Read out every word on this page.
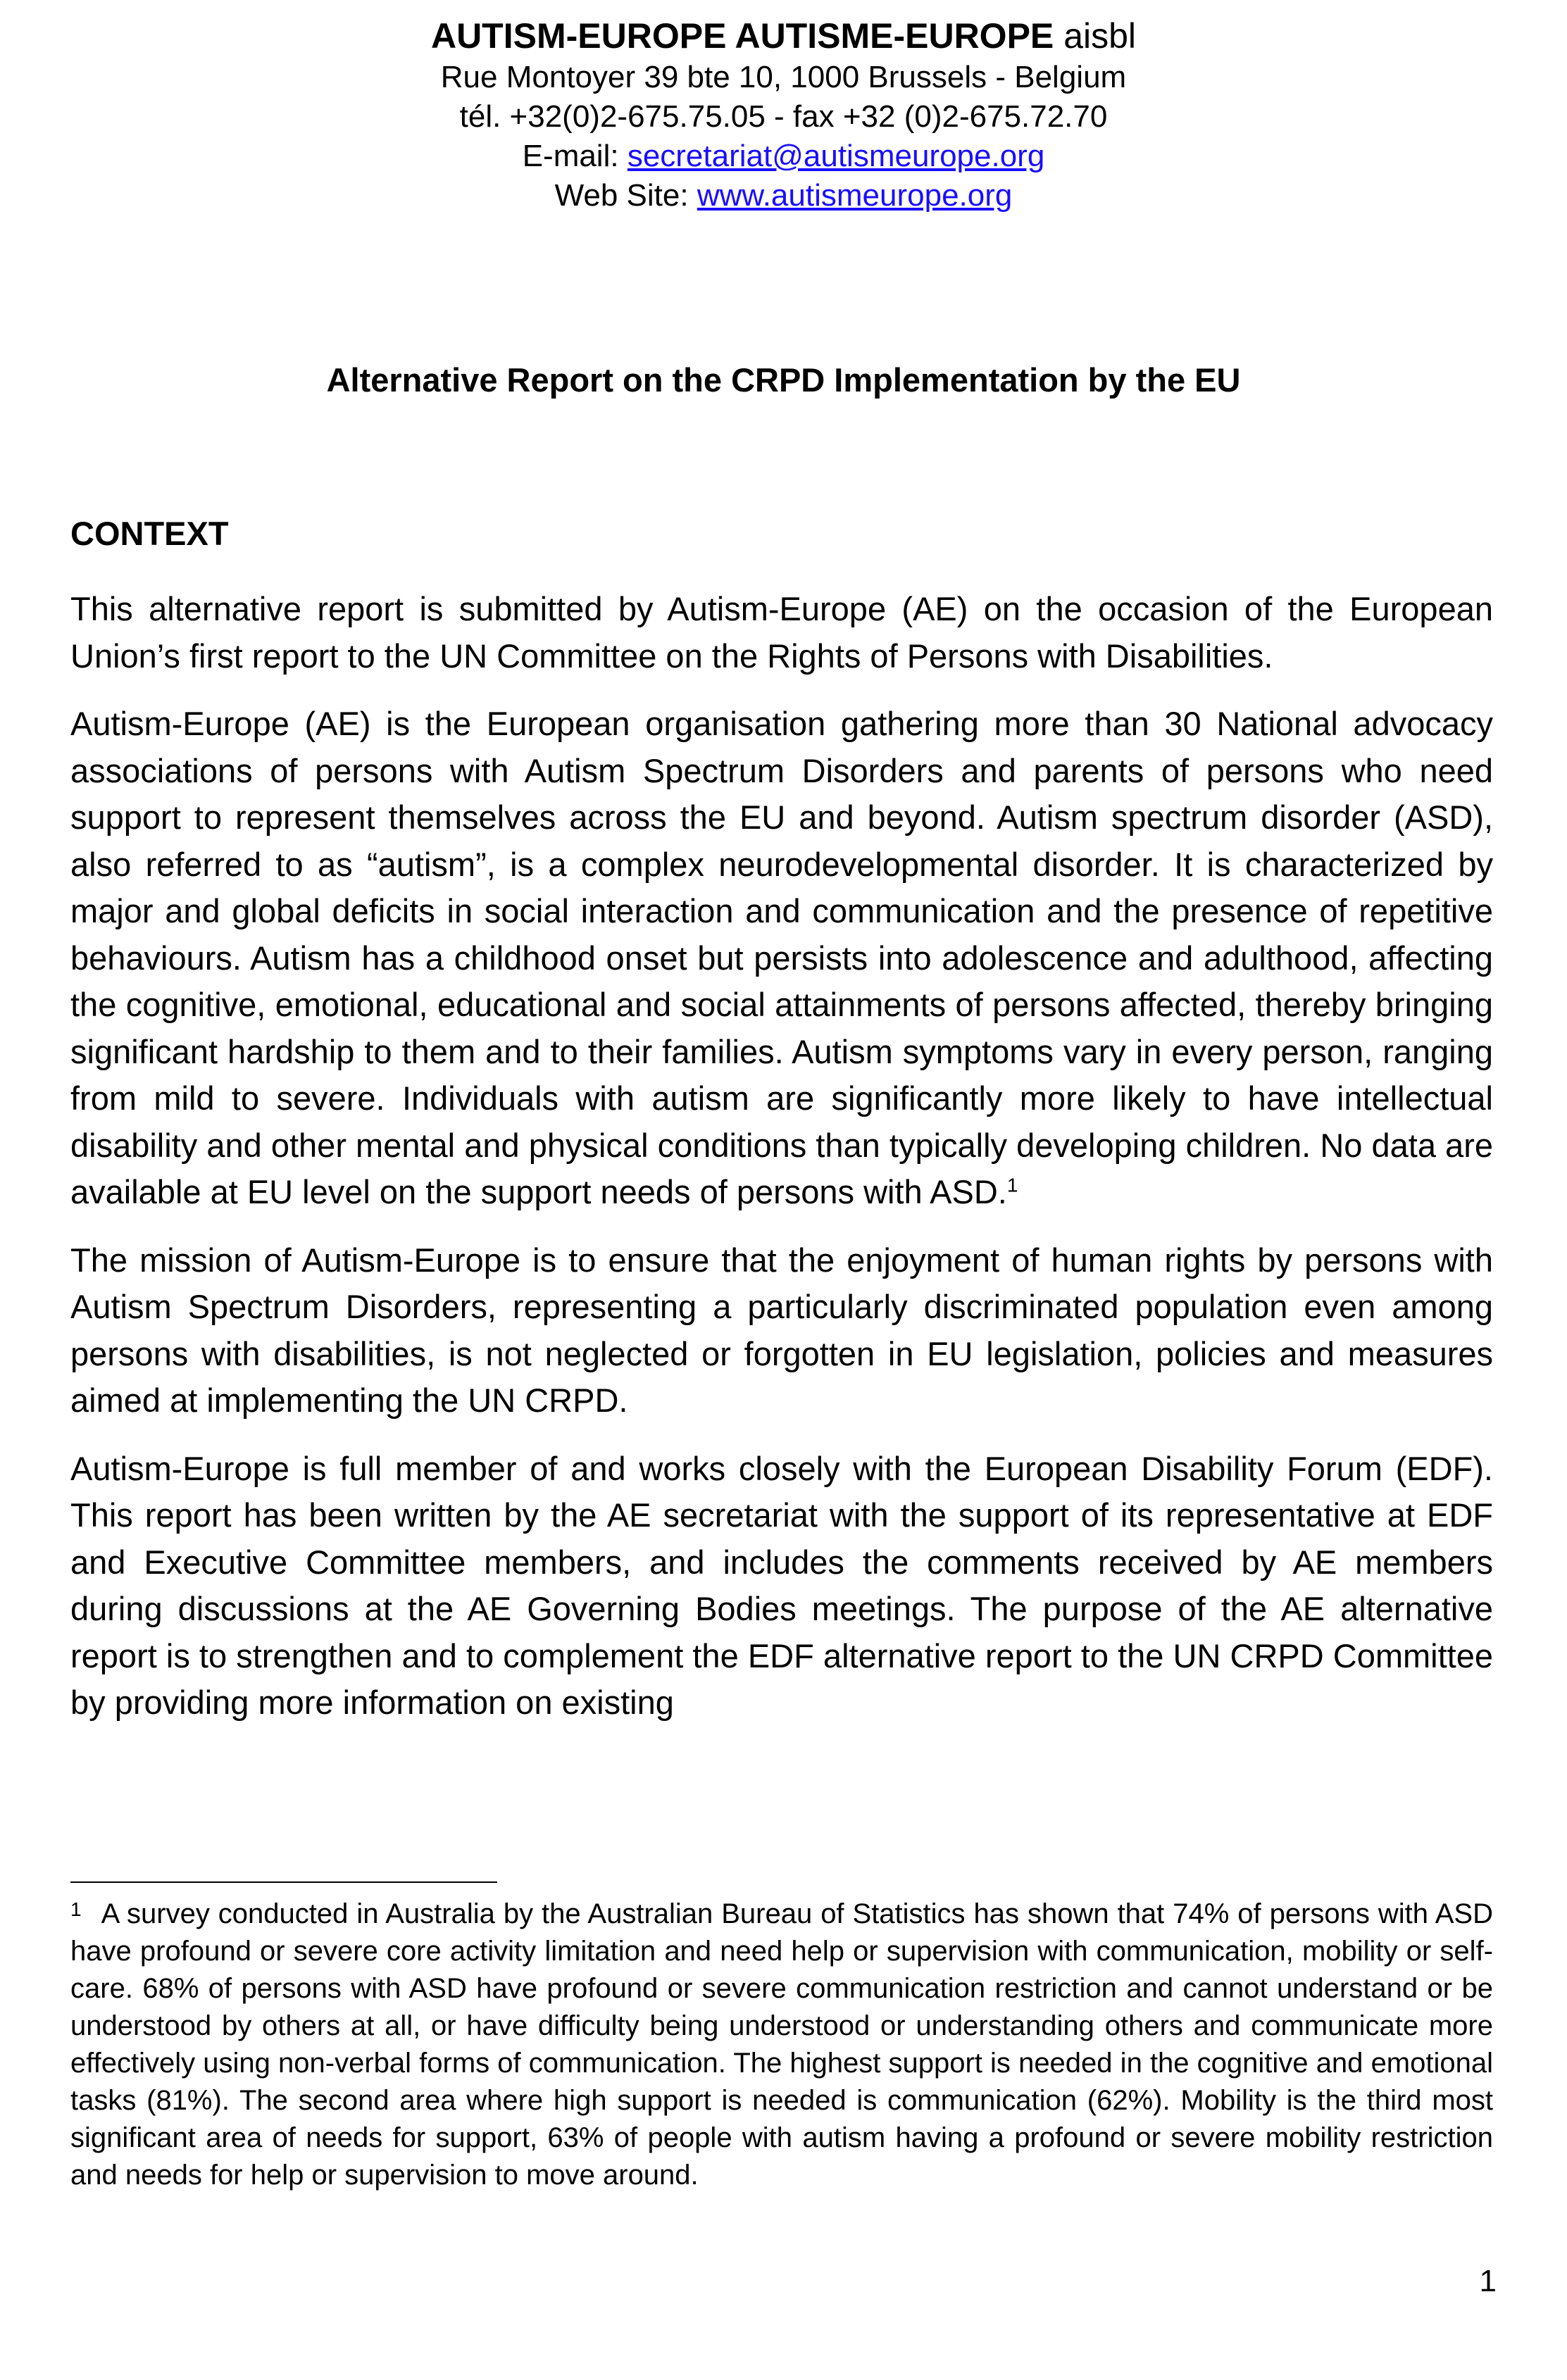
AUTISM-EUROPE AUTISME-EUROPE aisbl

Rue Montoyer 39 bte 10, 1000 Brussels - Belgium

tél. +32(0)2-675.75.05 - fax +32 (0)2-675.72.70

E-mail: secretariat@autismeurope.org

Web Site: www.autismeurope.org

Alternative Report on the CRPD Implementation by the EU
CONTEXT

This alternative report is submitted by Autism-Europe (AE) on the occasion of the European Union’s first report to the UN Committee on the Rights of Persons with Disabilities.

Autism-Europe (AE) is the European organisation gathering more than 30 National advocacy associations of persons with Autism Spectrum Disorders and parents of persons who need support to represent themselves across the EU and beyond. Autism spectrum disorder (ASD), also referred to as “autism”, is a complex neurodevelopmental disorder. It is characterized by major and global deficits in social interaction and communication and the presence of repetitive behaviours. Autism has a childhood onset but persists into adolescence and adulthood, affecting the cognitive, emotional, educational and social attainments of persons affected, thereby bringing significant hardship to them and to their families. Autism symptoms vary in every person, ranging from mild to severe. Individuals with autism are significantly more likely to have intellectual disability and other mental and physical conditions than typically developing children. No data are available at EU level on the support needs of persons with ASD.$^1$

The mission of Autism-Europe is to ensure that the enjoyment of human rights by persons with Autism Spectrum Disorders, representing a particularly discriminated population even among persons with disabilities, is not neglected or forgotten in EU legislation, policies and measures aimed at implementing the UN CRPD.

Autism-Europe is full member of and works closely with the European Disability Forum (EDF). This report has been written by the AE secretariat with the support of its representative at EDF and Executive Committee members, and includes the comments received by AE members during discussions at the AE Governing Bodies meetings. The purpose of the AE alternative report is to strengthen and to complement the EDF alternative report to the UN CRPD Committee by providing more information on existing

$^1$ A survey conducted in Australia by the Australian Bureau of Statistics has shown that 74% of persons with ASD have profound or severe core activity limitation and need help or supervision with communication, mobility or self-care. 68% of persons with ASD have profound or severe communication restriction and cannot understand or be understood by others at all, or have difficulty being understood or understanding others and communicate more effectively using non-verbal forms of communication. The highest support is needed in the cognitive and emotional tasks (81%). The second area where high support is needed is communication (62%). Mobility is the third most significant area of needs for support, 63% of people with autism having a profound or severe mobility restriction and needs for help or supervision to move around.

1
